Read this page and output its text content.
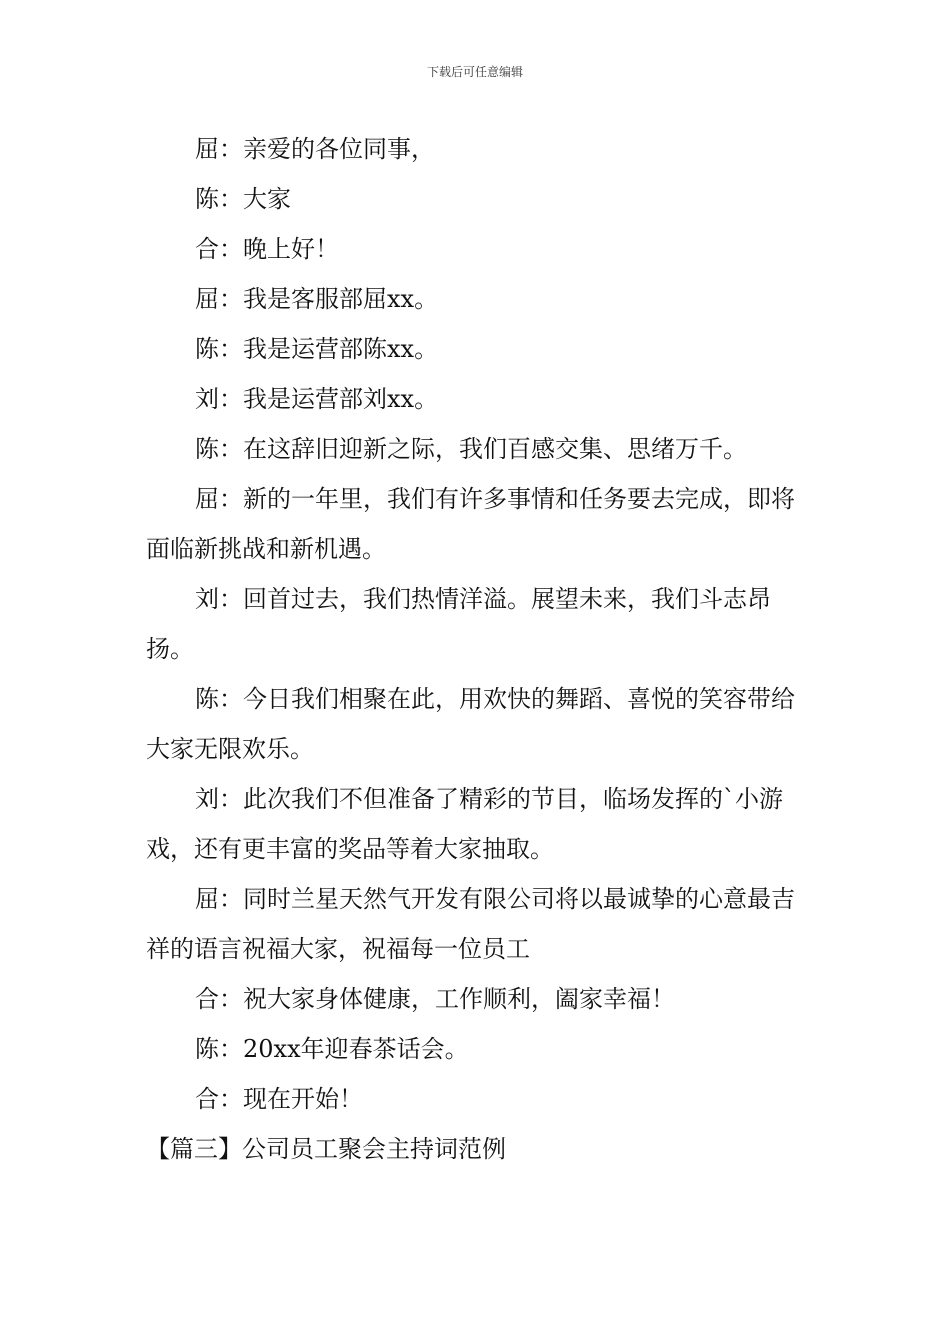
下载后可任意编辑

屈：亲爱的各位同事，

陈：大家

合：晚上好！

屈：我是客服部屈xx。

陈：我是运营部陈xx。

刘：我是运营部刘xx。

陈：在这辞旧迎新之际，我们百感交集、思绪万千。

屈：新的一年里，我们有许多事情和任务要去完成，即将面临新挑战和新机遇。

刘：回首过去，我们热情洋溢。展望未来，我们斗志昂扬。

陈：今日我们相聚在此，用欢快的舞蹈、喜悦的笑容带给大家无限欢乐。

刘：此次我们不但准备了精彩的节目，临场发挥的`小游戏，还有更丰富的奖品等着大家抽取。

屈：同时兰星天然气开发有限公司将以最诚挚的心意最吉祥的语言祝福大家，祝福每一位员工

合：祝大家身体健康，工作顺利，阖家幸福！

陈：20xx年迎春茶话会。

合：现在开始！

【篇三】公司员工聚会主持词范例
